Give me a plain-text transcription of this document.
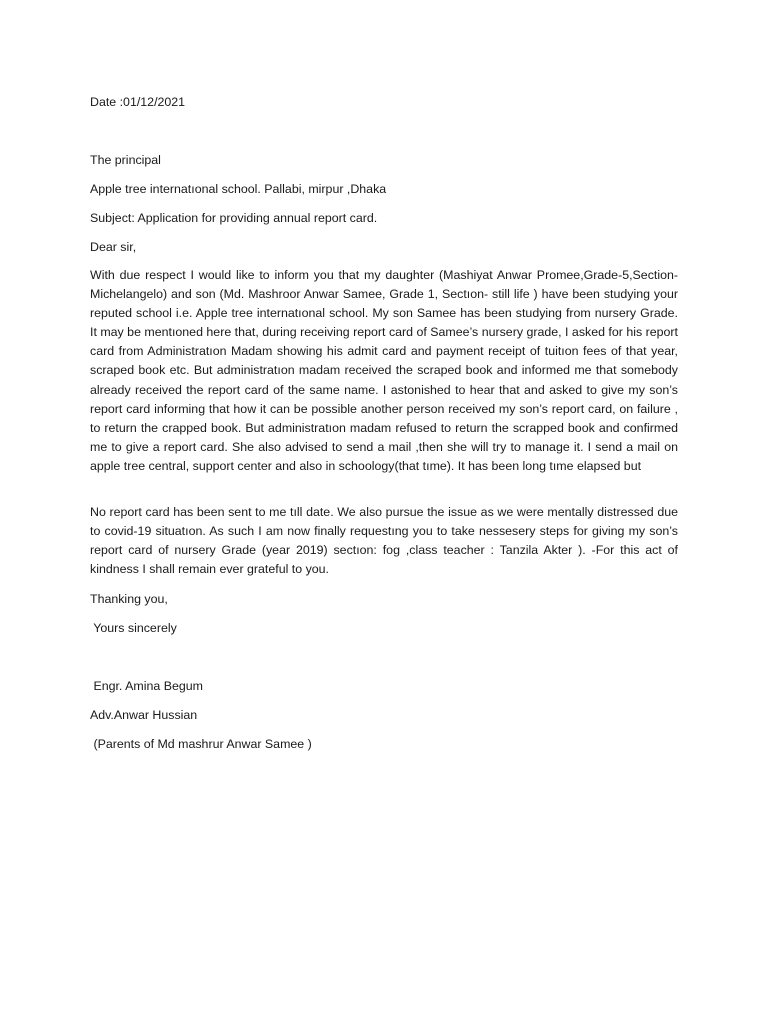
Date :01/12/2021
The principal
Apple tree internatıonal school. Pallabi, mirpur ,Dhaka
Subject: Application for providing annual report card.
Dear sir,
With due respect I would like to inform you that my daughter (Mashiyat Anwar Promee,Grade-5,Section- Michelangelo) and son (Md. Mashroor Anwar Samee, Grade 1, Sectıon- still life ) have been studying your reputed school i.e. Apple tree internatıonal school. My son Samee has been studying from nursery Grade. It may be mentıoned here that, during receiving report card of Samee’s nursery grade, I asked for his report card from Administratıon Madam showing his admit card and payment receipt of tuitıon fees of that year, scraped book etc. But administratıon madam received the scraped book and informed me that somebody already received the report card of the same name. I astonished to hear that and asked to give my son’s report card informing that how it can be possible another person received my son’s report card, on failure , to return the crapped book. But administratıon madam refused to return the scrapped book and confirmed me to give a report card. She also advised to send a mail ,then she will try to manage it. I send a mail on apple tree central, support center and also in schoology(that tıme). It has been long tıme elapsed but
No report card has been sent to me tıll date. We also pursue the issue as we were mentally distressed due to covid-19 situatıon. As such I am now finally requestıng you to take nessesery steps for giving my son’s report card of nursery Grade (year 2019) sectıon: fog ,class teacher : Tanzila Akter ). -For this act of kindness I shall remain ever grateful to you.
Thanking you,
Yours sincerely
Engr. Amina Begum
Adv.Anwar Hussian
(Parents of Md mashrur Anwar Samee )
